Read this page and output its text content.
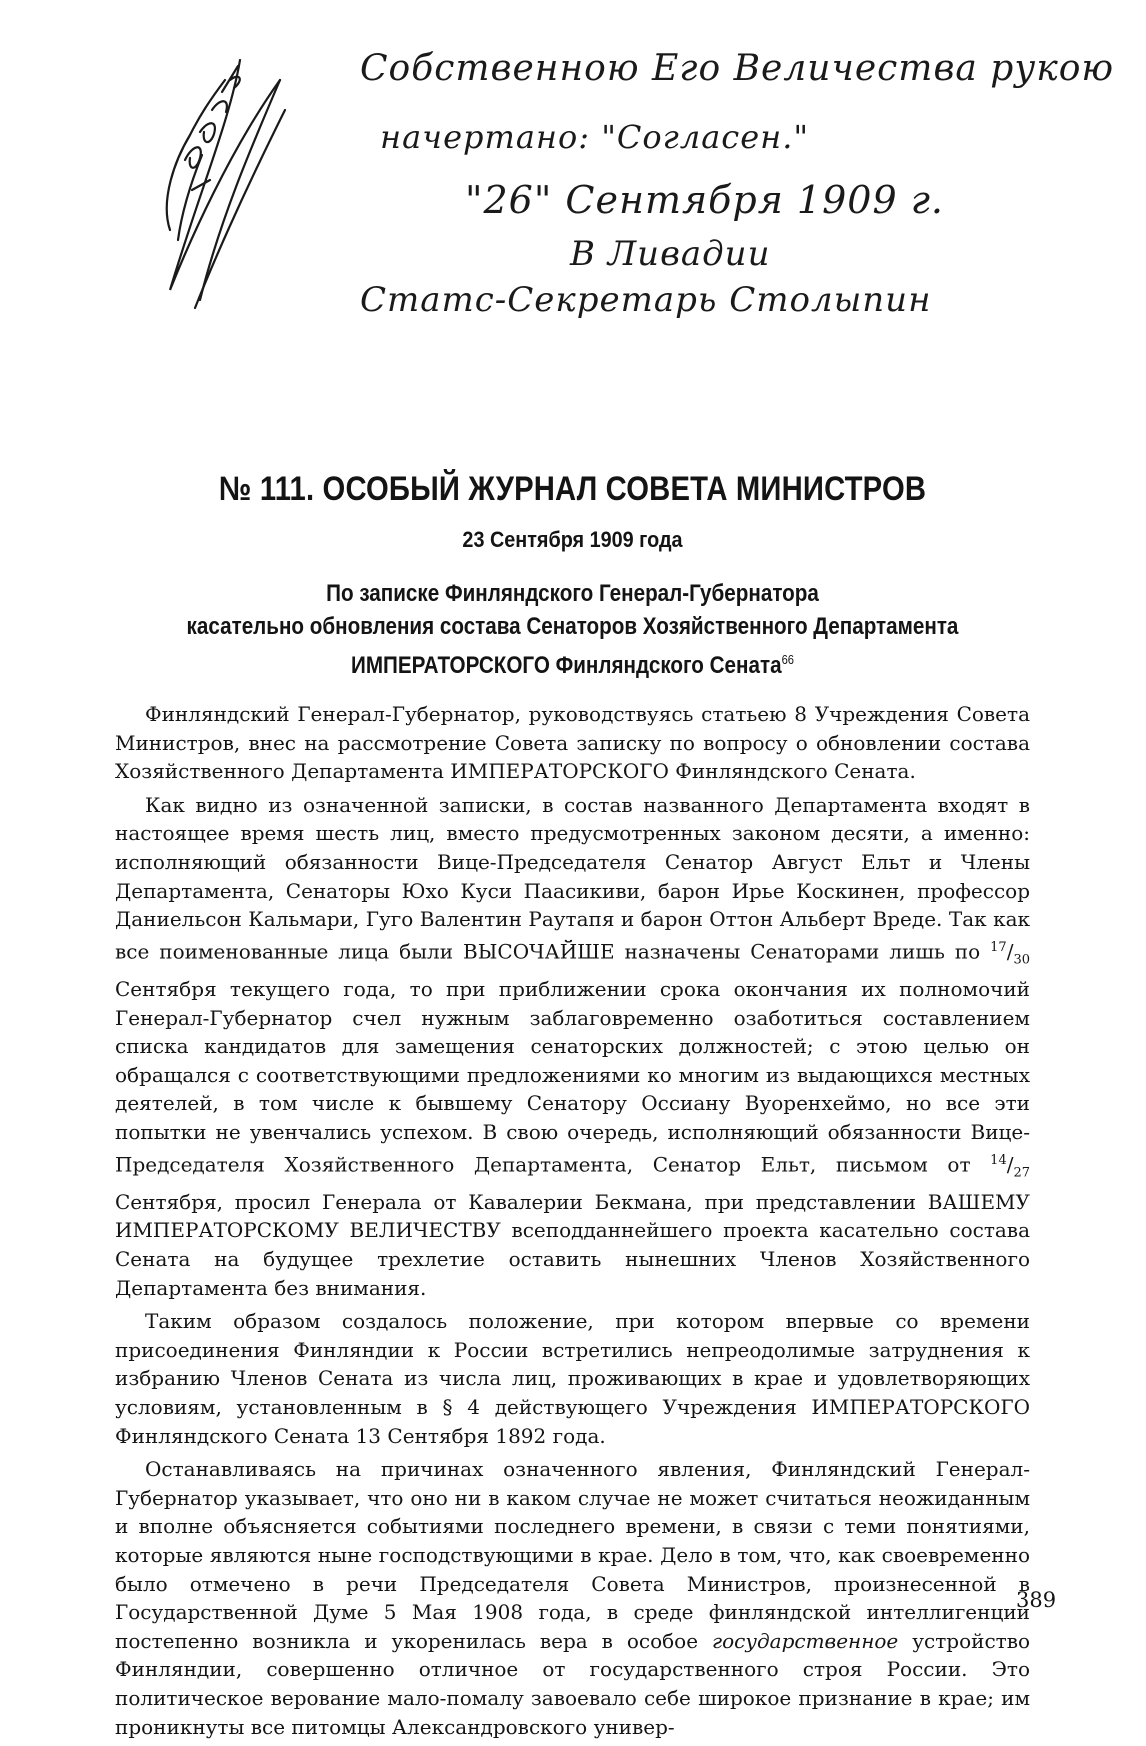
Собственною Его Величества рукою
начертано: "Согласен."
"26" Сентября 1909 г.
В Ливадии
Статс-Секретарь Столыпин
№ 111. ОСОБЫЙ ЖУРНАЛ СОВЕТА МИНИСТРОВ
23 Сентября 1909 года
По записке Финляндского Генерал-Губернатора
касательно обновления состава Сенаторов Хозяйственного Департамента
ИМПЕРАТОРСКОГО Финляндского Сената$^{66}$

Финляндский Генерал-Губернатор, руководствуясь статьею 8 Учреждения Совета Министров, внес на рассмотрение Совета записку по вопросу о обновлении состава Хозяйственного Департамента ИМПЕРАТОРСКОГО Финляндского Сената.

Как видно из означенной записки, в состав названного Департамента входят в настоящее время шесть лиц, вместо предусмотренных законом десяти, а именно: исполняющий обязанности Вице-Председателя Сенатор Август Ельт и Члены Департамента, Сенаторы Юхо Куси Паасикиви, барон Ирье Коскинен, профессор Даниельсон Кальмари, Гуго Валентин Раутапя и барон Оттон Альберт Вреде. Так как все поименованные лица были ВЫСОЧАЙШЕ назначены Сенаторами лишь по $^{17}/_{30}$ Сентября текущего года, то при приближении срока окончания их полномочий Генерал-Губернатор счел нужным заблаговременно озаботиться составлением списка кандидатов для замещения сенаторских должностей; с этою целью он обращался с соответствующими предложениями ко многим из выдающихся местных деятелей, в том числе к бывшему Сенатору Оссиану Вуоренхеймо, но все эти попытки не увенчались успехом. В свою очередь, исполняющий обязанности Вице-Председателя Хозяйственного Департамента, Сенатор Ельт, письмом от $^{14}/_{27}$ Сентября, просил Генерала от Кавалерии Бекмана, при представлении ВАШЕМУ ИМПЕРАТОРСКОМУ ВЕЛИЧЕСТВУ всеподданнейшего проекта касательно состава Сената на будущее трехлетие оставить нынешних Членов Хозяйственного Департамента без внимания.

Таким образом создалось положение, при котором впервые со времени присоединения Финляндии к России встретились непреодолимые затруднения к избранию Членов Сената из числа лиц, проживающих в крае и удовлетворяющих условиям, установленным в § 4 действующего Учреждения ИМПЕРАТОРСКОГО Финляндского Сената 13 Сентября 1892 года.

Останавливаясь на причинах означенного явления, Финляндский Генерал-Губернатор указывает, что оно ни в каком случае не может считаться неожиданным и вполне объясняется событиями последнего времени, в связи с теми понятиями, которые являются ныне господствующими в крае. Дело в том, что, как своевременно было отмечено в речи Председателя Совета Министров, произнесенной в Государственной Думе 5 Мая 1908 года, в среде финляндской интеллигенции постепенно возникла и укоренилась вера в особое государственное устройство Финляндии, совершенно отличное от государственного строя России. Это политическое верование мало-помалу завоевало себе широкое признание в крае; им проникнуты все питомцы Александровского универ-

389
